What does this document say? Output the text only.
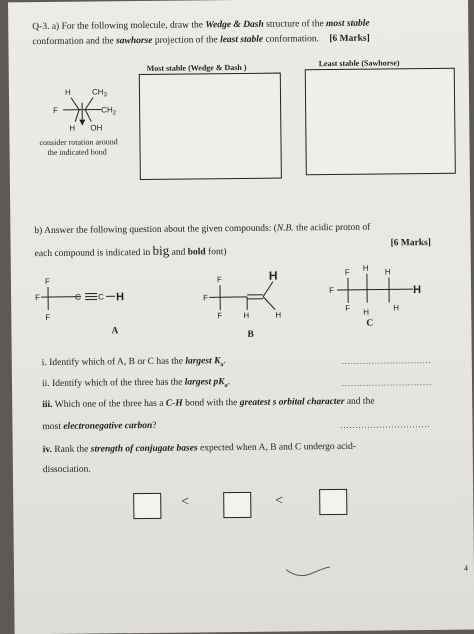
Q-3. a) For the following molecule, draw the Wedge & Dash structure of the most stable
conformation and the sawhorse projection of the least stable conformation. [6 Marks]
Most stable (Wedge & Dash )	Least stable (Sawhorse)
H	$CH_3$
F	$CH_2$
H OH
consider rotation around
the indicated bond
b) Answer the following question about the given compounds: (N.B. the acidic proton of
each compound is indicated in big and bold font)
[6 Marks]
F
F
F
C C H
A
F
F
F
H
H	H
B
F H H
F	H
F H	H
C
i. Identify which of A, B or C has the largest $K_a$.	..............................
ii. Identify which of the three has the largest $pK_a$.	..............................
iii. Which one of the three has a C-H bond with the greatest s orbital character and the
most electronegative carbon?	..............................
iv. Rank the strength of conjugate bases expected when A, B and C undergo acid-
dissociation.
<	<
4
